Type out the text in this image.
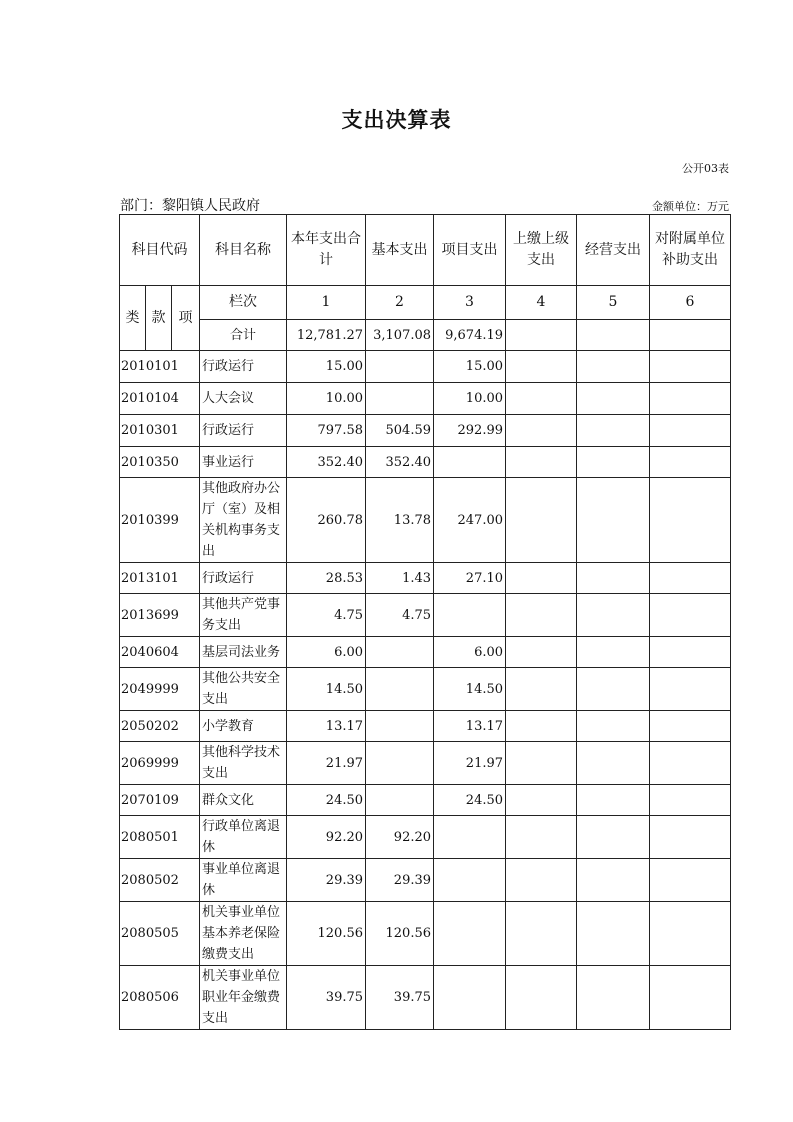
支出决算表
公开03表
部门：黎阳镇人民政府	金额单位：万元
科目代码			科目名称	本年支出合计	基本支出	项目支出	上缴上级支出	经营支出	对附属单位补助支出
类	款	项	栏次	1	2	3	4	5	6
			合计	12,781.27	3,107.08	9,674.19			
2010101			行政运行	15.00		15.00			
2010104			人大会议	10.00		10.00			
2010301			行政运行	797.58	504.59	292.99			
2010350			事业运行	352.40	352.40				
2010399			其他政府办公厅（室）及相关机构事务支出	260.78	13.78	247.00			
2013101			行政运行	28.53	1.43	27.10			
2013699			其他共产党事务支出	4.75	4.75				
2040604			基层司法业务	6.00		6.00			
2049999			其他公共安全支出	14.50		14.50			
2050202			小学教育	13.17		13.17			
2069999			其他科学技术支出	21.97		21.97			
2070109			群众文化	24.50		24.50			
2080501			行政单位离退休	92.20	92.20				
2080502			事业单位离退休	29.39	29.39				
2080505			机关事业单位基本养老保险缴费支出	120.56	120.56				
2080506			机关事业单位职业年金缴费支出	39.75	39.75				
